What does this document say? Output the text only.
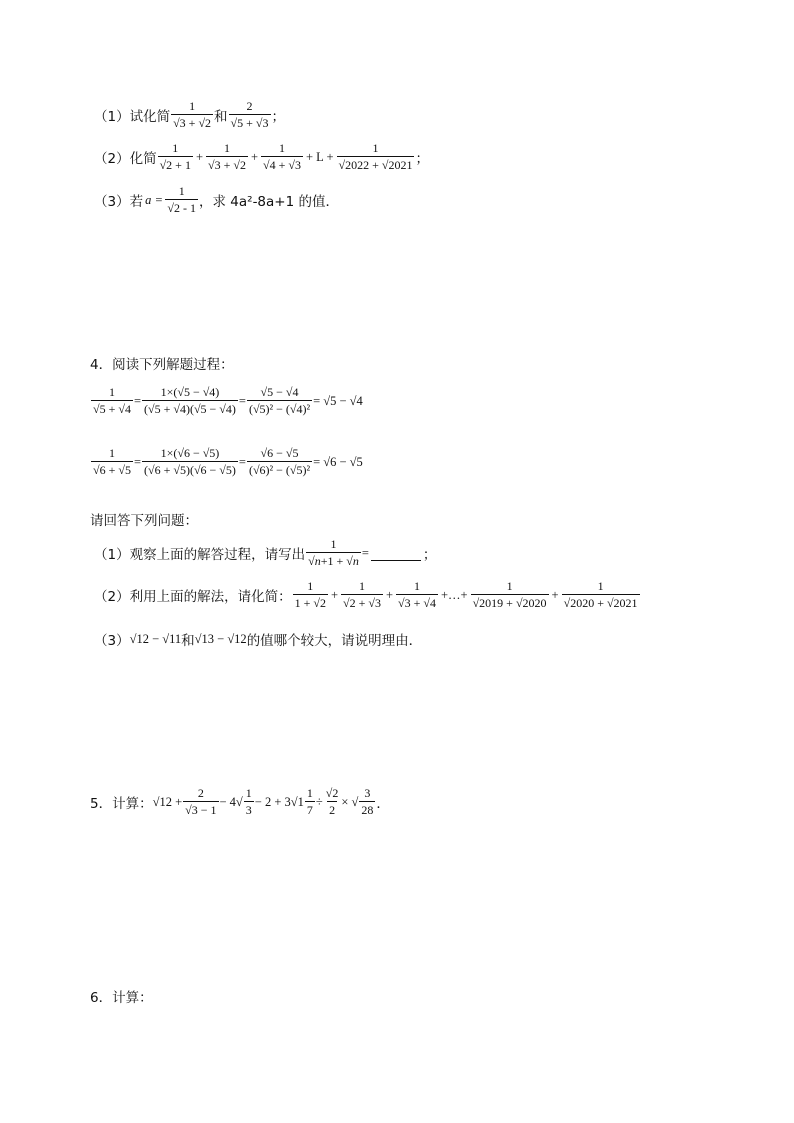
（1）试化简 $\frac{1}{√3 + √2}$ 和 $\frac{2}{√5 + √3}$ ；
（2）化简 $\frac{1}{√2 + 1} + \frac{1}{√3 + √2} + \frac{1}{√4 + √3} + L + \frac{1}{√2022 + √2021}$ ；
（3）若 $a = \frac{1}{√2 - 1}$ ，求 4a²-8a+1 的值．
4．阅读下列解题过程：
$\frac{1}{√5 + √4} = \frac{1\times(√5 - √4)}{(√5 + √4)(√5 - √4)} = \frac{√5 - √4}{\text{(√5)² − (√4)²}} = √5 - √4$
$\frac{1}{√6 + √5} = \frac{1\times(√6 - √5)}{(√6 + √5)(√6 - √5)} = \frac{√6 - √5}{\text{(√6)² − (√5)²}} = √6 - √5$
请回答下列问题：
（1）观察上面的解答过程，请写出 $\frac{1}{√n+1 + √n}$ =	；
（2）利用上面的解法，请化简： $\frac{1}{1 + √2} + \frac{1}{√2 + √3} + \frac{1}{√3 + √4}$ +…+ $\frac{1}{√2019 + √2020} + \frac{1}{√2020 + √2021}$
（3） √12 − √11 和 √13 − √12 的值哪个较大，请说明理由．
5．计算： $√12 + \frac{2}{√3 - 1} - 4√ \frac{1}{3} - 2 + 3√1 \frac{1}{7} \div \frac{√2}{2}$ × √ $\frac{3}{28}$ ．
6．计算：
